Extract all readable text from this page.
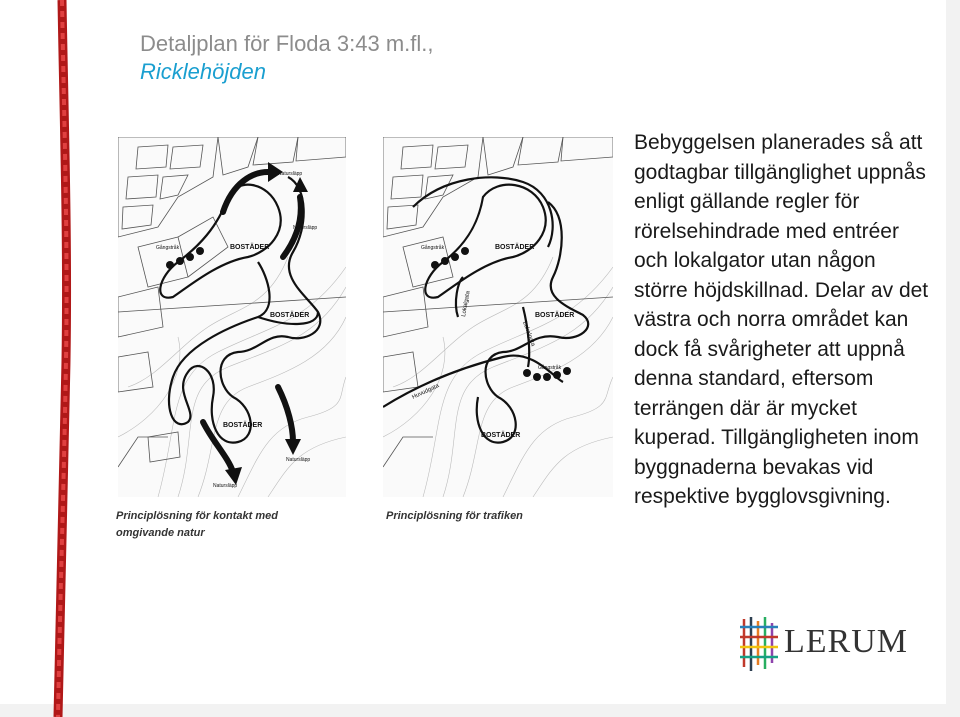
Detaljplan för Floda 3:43 m.fl.,
Ricklehöjden
BOSTÄDER
BOSTÄDER
BOSTÄDER
Natursläpp
Natursläpp
Natursläpp
Natursläpp
Gångstråk
Principlösning för kontakt med omgivande natur
BOSTÄDER
BOSTÄDER
BOSTÄDER
Gångstråk
Gångstråk
Lokalgata
Lokalgata
Huvudgata
Principlösning för trafiken
Bebyggelsen planerades så att godtagbar tillgänglighet uppnås enligt gällande regler för rörelsehindrade med entréer och lokalgator utan någon större höjdskillnad. Delar av det västra och norra området kan dock få svårigheter att uppnå denna standard, eftersom terrängen där är mycket kuperad. Tillgängligheten inom byggnaderna bevakas vid respektive bygglovsgivning.
LERUM
